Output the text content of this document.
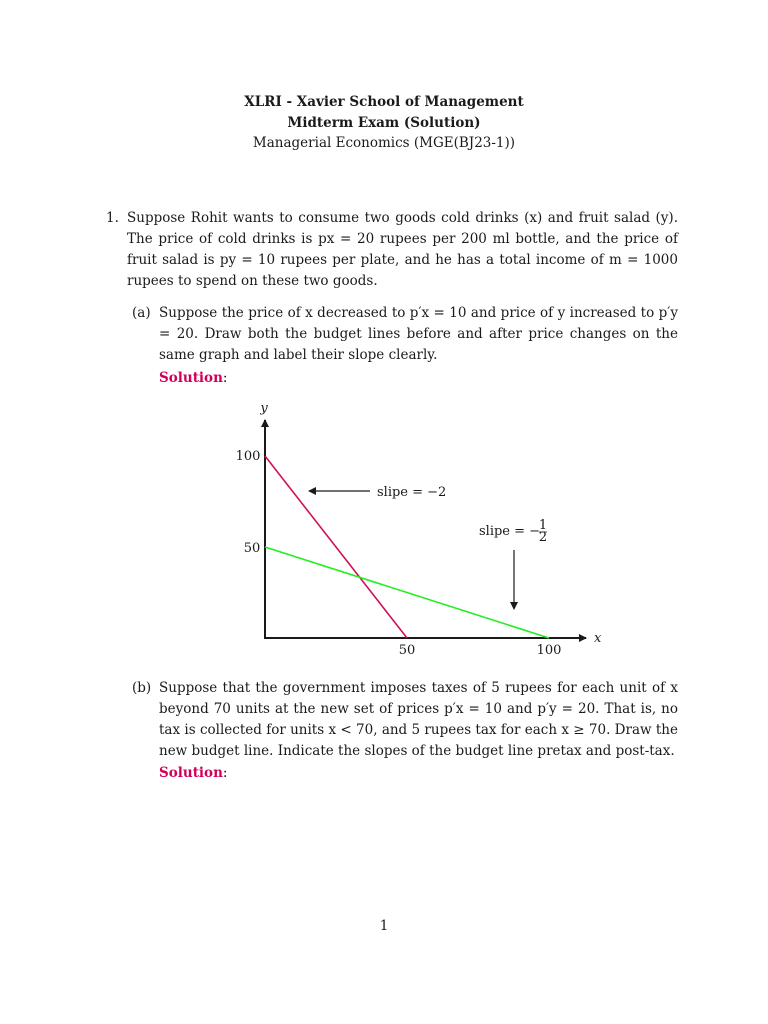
XLRI - Xavier School of Management
Midterm Exam (Solution)
Managerial Economics (MGE(BJ23-1))
1. Suppose Rohit wants to consume two goods cold drinks (x) and fruit salad (y). The price of cold drinks is px = 20 rupees per 200 ml bottle, and the price of fruit salad is py = 10 rupees per plate, and he has a total income of m = 1000 rupees to spend on these two goods.
(a) Suppose the price of x decreased to p′x = 10 and price of y increased to p′y = 20. Draw both the budget lines before and after price changes on the same graph and label their slope clearly.
Solution:
y
x
100
50
50	100
slipe = −2
slipe = −
1
2
(b) Suppose that the government imposes taxes of 5 rupees for each unit of x beyond 70 units at the new set of prices p′x = 10 and p′y = 20. That is, no tax is collected for units x < 70, and 5 rupees tax for each x ≥ 70. Draw the new budget line. Indicate the slopes of the budget line pretax and post-tax.
Solution:
1
